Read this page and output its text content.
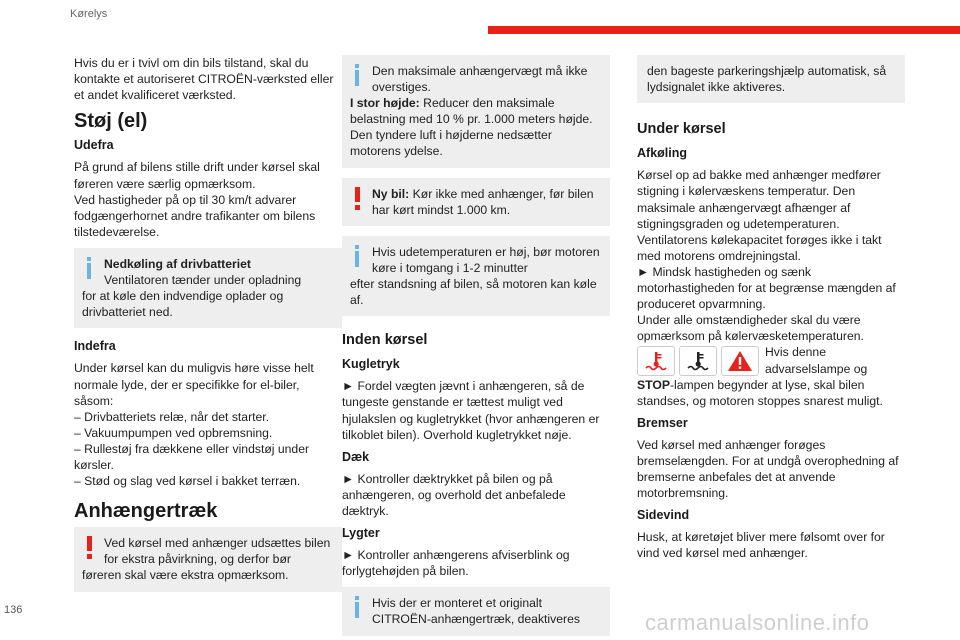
Kørelys

Hvis du er i tvivl om din bils tilstand, skal du kontakte et autoriseret CITROËN-værksted eller et andet kvalificeret værksted.

Støj (el)
Udefra

På grund af bilens stille drift under kørsel skal føreren være særlig opmærksom.

Ved hastigheder på op til 30 km/t advarer fodgængerhornet andre trafikanter om bilens tilstedeværelse.

Nedkøling af drivbatteriet
Ventilatoren tænder under opladning
for at køle den indvendige oplader og drivbatteriet ned.
Indefra

Under kørsel kan du muligvis høre visse helt normale lyde, der er specifikke for el-biler, såsom:

– Drivbatteriets relæ, når det starter.
– Vakuumpumpen ved opbremsning.
– Rullestøj fra dækkene eller vindstøj under kørsler.
– Stød og slag ved kørsel i bakket terræn.
Anhængertræk
Ved kørsel med anhænger udsættes bilen for ekstra påvirkning, og derfor bør
føreren skal være ekstra opmærksom.
Den maksimale anhængervægt må ikke overstiges.
I stor højde: Reducer den maksimale belastning med 10 % pr. 1.000 meters højde. Den tyndere luft i højderne nedsætter motorens ydelse.
Ny bil: Kør ikke med anhænger, før bilen har kørt mindst 1.000 km.
Hvis udetemperaturen er høj, bør motoren køre i tomgang i 1-2 minutter
efter standsning af bilen, så motoren kan køle af.
Inden kørsel
Kugletryk

► Fordel vægten jævnt i anhængeren, så de tungeste genstande er tættest muligt ved hjulakslen og kugletrykket (hvor anhængeren er tilkoblet bilen). Overhold kugletrykket nøje.

Dæk

► Kontroller dæktrykket på bilen og på anhængeren, og overhold det anbefalede dæktryk.

Lygter

► Kontroller anhængerens afviserblink og forlygtehøjden på bilen.

Hvis der er monteret et originalt CITROËN-anhængertræk, deaktiveres
den bageste parkeringshjælp automatisk, så lydsignalet ikke aktiveres.
Under kørsel
Afkøling

Kørsel op ad bakke med anhænger medfører stigning i kølervæskens temperatur. Den maksimale anhængervægt afhænger af stigningsgraden og udetemperaturen.

Ventilatorens kølekapacitet forøges ikke i takt med motorens omdrejningstal.

► Mindsk hastigheden og sænk motorhastigheden for at begrænse mængden af produceret opvarmning.

Under alle omstændigheder skal du være opmærksom på kølervæsketemperaturen.

Hvis denne advarselslampe og STOP-lampen begynder at lyse, skal bilen standses, og motoren stoppes snarest muligt.
Bremser

Ved kørsel med anhænger forøges bremselængden. For at undgå overophedning af bremserne anbefales det at anvende motorbremsning.

Sidevind

Husk, at køretøjet bliver mere følsomt over for vind ved kørsel med anhænger.

136	carmanualsonline.info
